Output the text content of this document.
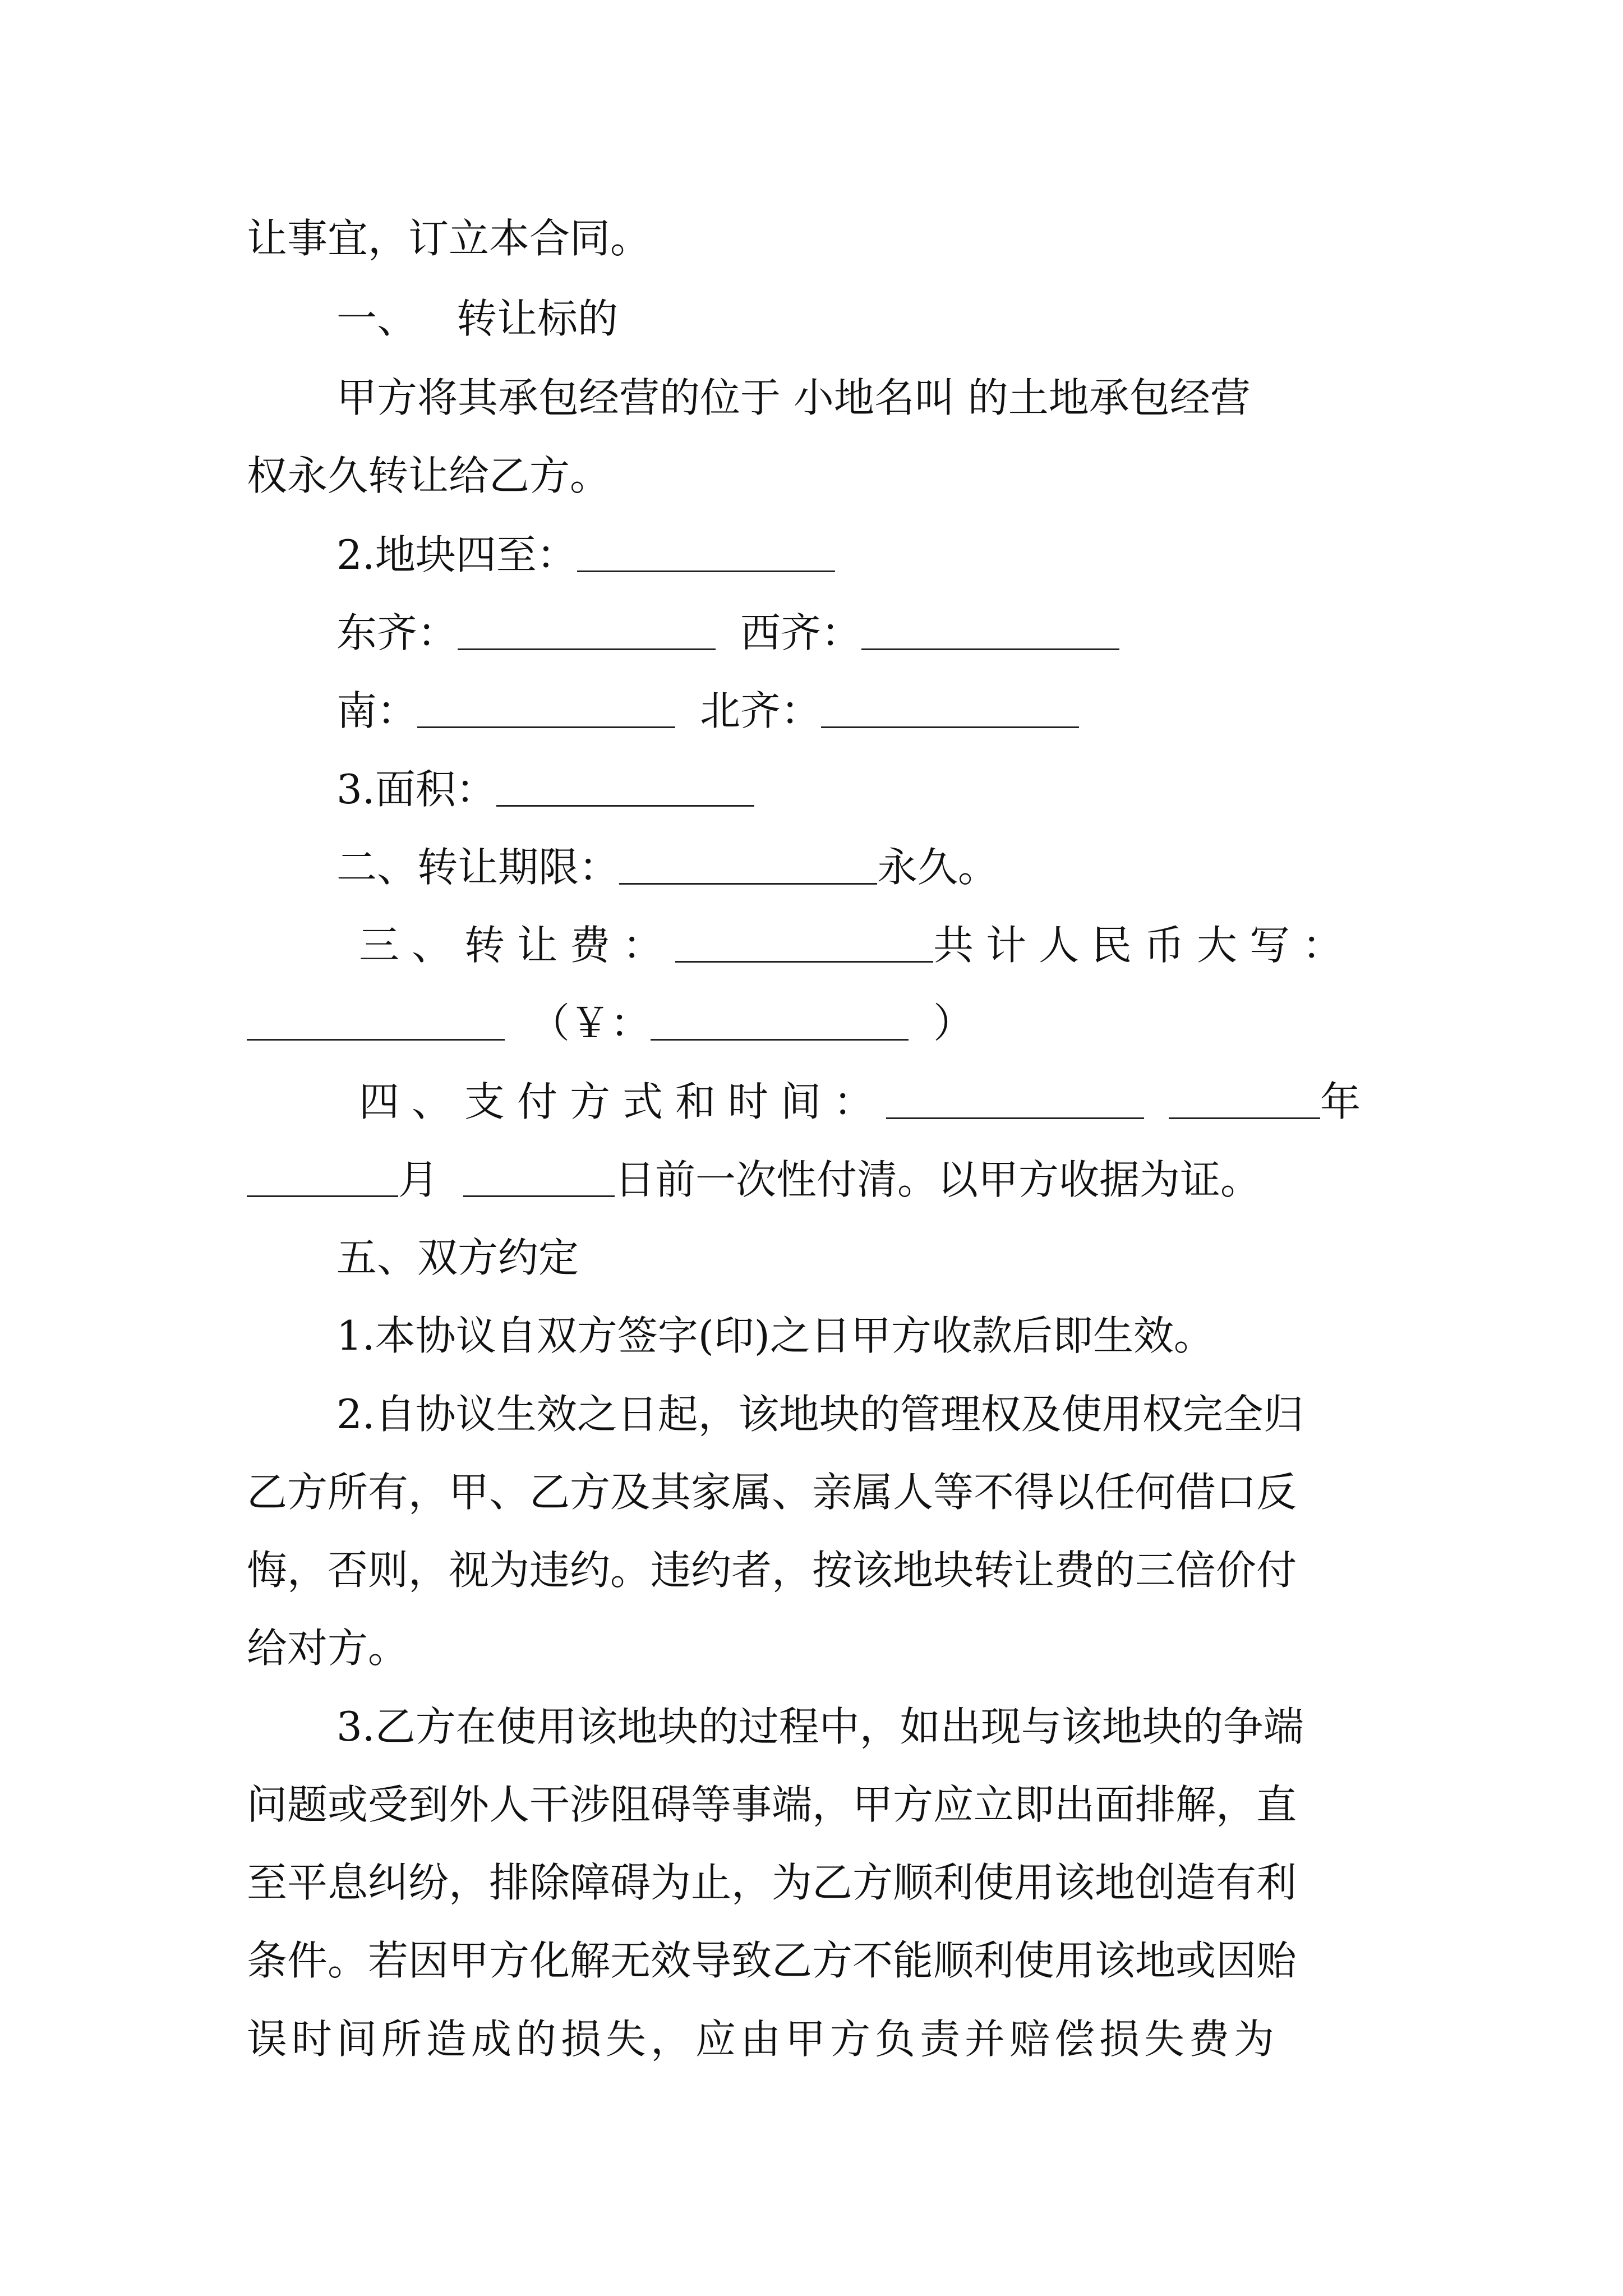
让事宜，订立本合同。
一、 转让标的
甲方将其承包经营的位于 小地名叫 的土地承包经营
权永久转让给乙方。
2.地块四至：
东齐：	西齐：
南：	北齐：
3.面积：
二、转让期限：	永久。
三、转让费：	共计人民币大写：
（￥：	）
四、支付方式和时间：	年
月	日前一次性付清。以甲方收据为证。
五、双方约定
1.本协议自双方签字(印)之日甲方收款后即生效。
2.自协议生效之日起，该地块的管理权及使用权完全归
乙方所有，甲、乙方及其家属、亲属人等不得以任何借口反
悔，否则，视为违约。违约者，按该地块转让费的三倍价付
给对方。
3.乙方在使用该地块的过程中，如出现与该地块的争端
问题或受到外人干涉阻碍等事端，甲方应立即出面排解，直
至平息纠纷，排除障碍为止，为乙方顺利使用该地创造有利
条件。若因甲方化解无效导致乙方不能顺利使用该地或因贻
误时间所造成的损失，应由甲方负责并赔偿损失费为
